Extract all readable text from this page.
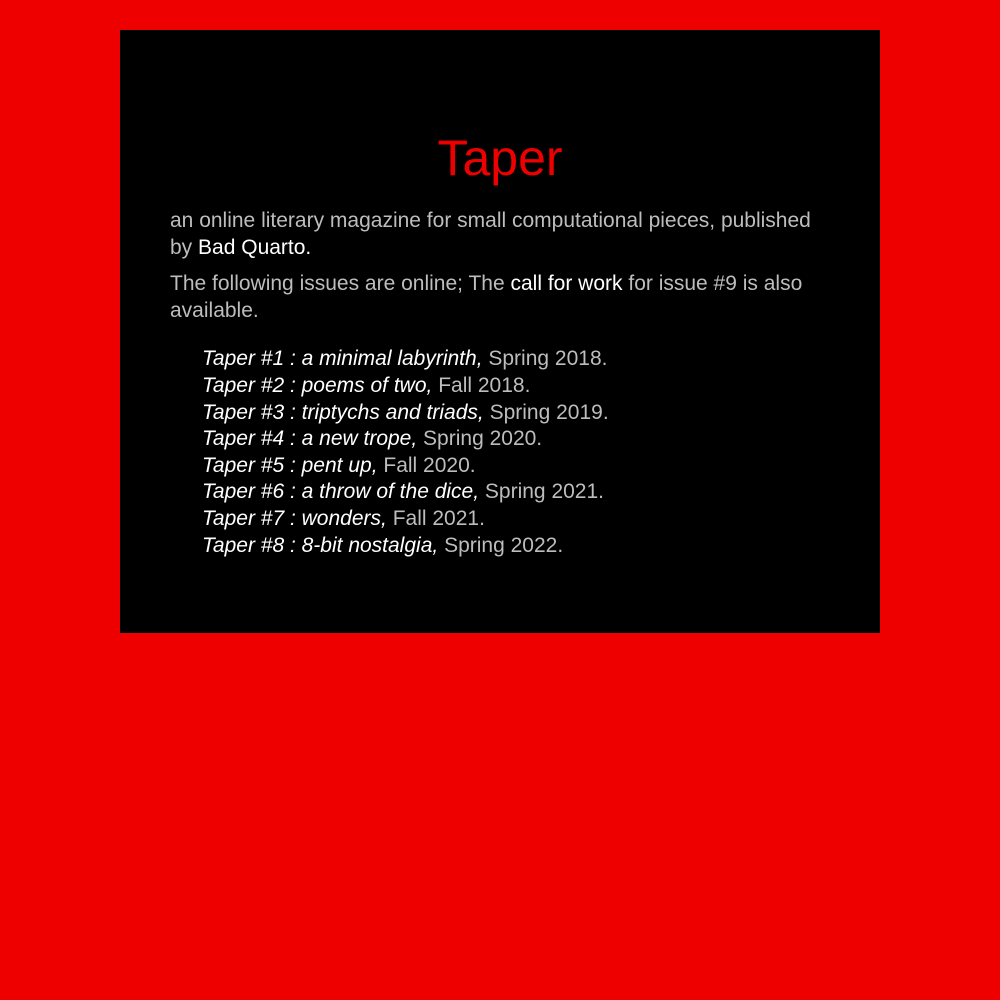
Taper

an online literary magazine for small computational pieces, published by Bad Quarto.

The following issues are online; The call for work for issue #9 is also available.

Taper #1 : a minimal labyrinth, Spring 2018.
Taper #2 : poems of two, Fall 2018.
Taper #3 : triptychs and triads, Spring 2019.
Taper #4 : a new trope, Spring 2020.
Taper #5 : pent up, Fall 2020.
Taper #6 : a throw of the dice, Spring 2021.
Taper #7 : wonders, Fall 2021.
Taper #8 : 8-bit nostalgia, Spring 2022.
